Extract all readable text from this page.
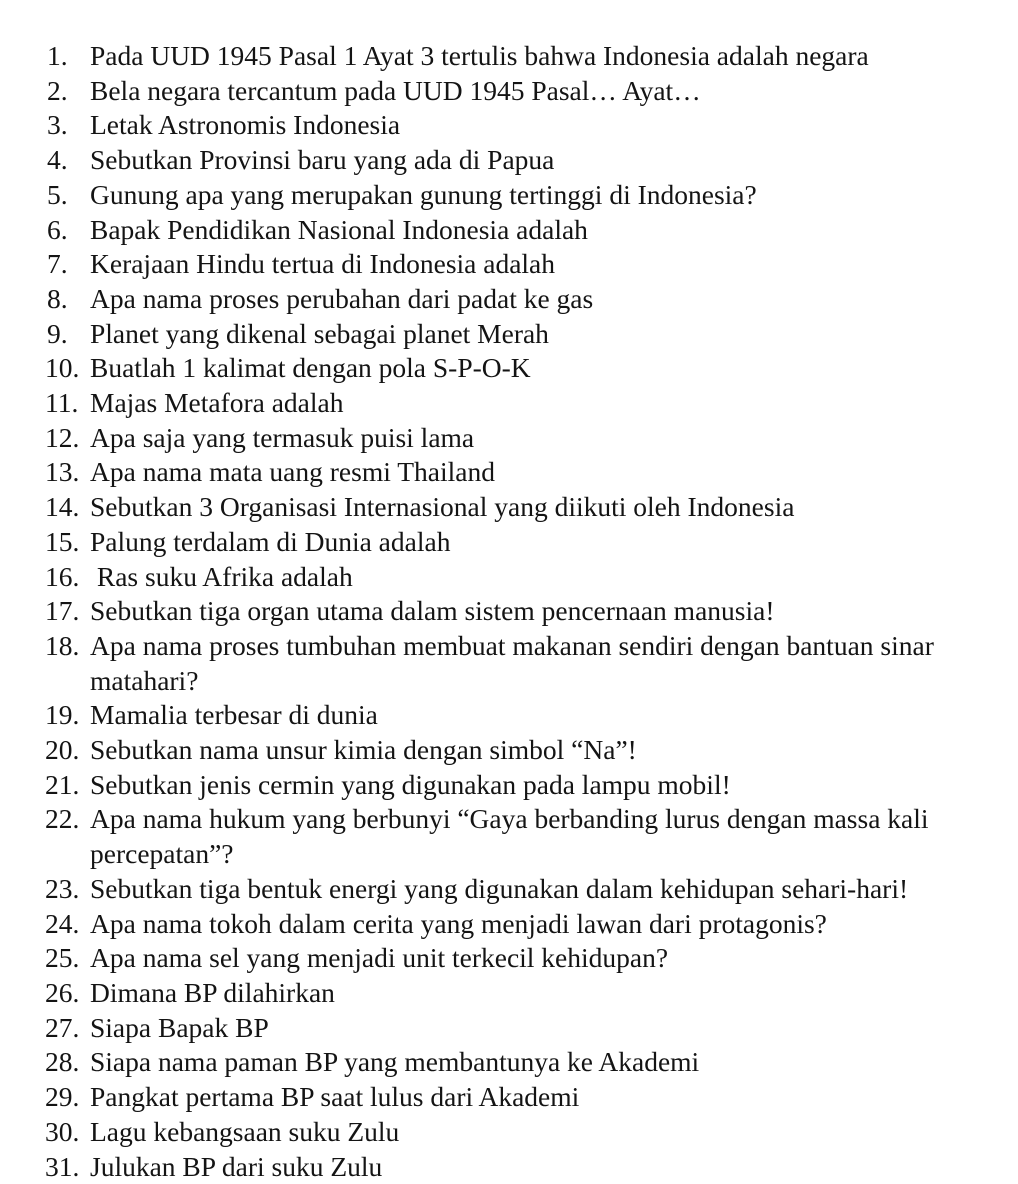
1. Pada UUD 1945 Pasal 1 Ayat 3 tertulis bahwa Indonesia adalah negara
2. Bela negara tercantum pada UUD 1945 Pasal… Ayat…
3. Letak Astronomis Indonesia
4. Sebutkan Provinsi baru yang ada di Papua
5. Gunung apa yang merupakan gunung tertinggi di Indonesia?
6. Bapak Pendidikan Nasional Indonesia adalah
7. Kerajaan Hindu tertua di Indonesia adalah
8. Apa nama proses perubahan dari padat ke gas
9. Planet yang dikenal sebagai planet Merah
10. Buatlah 1 kalimat dengan pola S-P-O-K
11. Majas Metafora adalah
12. Apa saja yang termasuk puisi lama
13. Apa nama mata uang resmi Thailand
14. Sebutkan 3 Organisasi Internasional yang diikuti oleh Indonesia
15. Palung terdalam di Dunia adalah
16. Ras suku Afrika adalah
17. Sebutkan tiga organ utama dalam sistem pencernaan manusia!
18. Apa nama proses tumbuhan membuat makanan sendiri dengan bantuan sinar matahari?
19. Mamalia terbesar di dunia
20. Sebutkan nama unsur kimia dengan simbol “Na”!
21. Sebutkan jenis cermin yang digunakan pada lampu mobil!
22. Apa nama hukum yang berbunyi “Gaya berbanding lurus dengan massa kali percepatan”?
23. Sebutkan tiga bentuk energi yang digunakan dalam kehidupan sehari-hari!
24. Apa nama tokoh dalam cerita yang menjadi lawan dari protagonis?
25. Apa nama sel yang menjadi unit terkecil kehidupan?
26. Dimana BP dilahirkan
27. Siapa Bapak BP
28. Siapa nama paman BP yang membantunya ke Akademi
29. Pangkat pertama BP saat lulus dari Akademi
30. Lagu kebangsaan suku Zulu
31. Julukan BP dari suku Zulu
